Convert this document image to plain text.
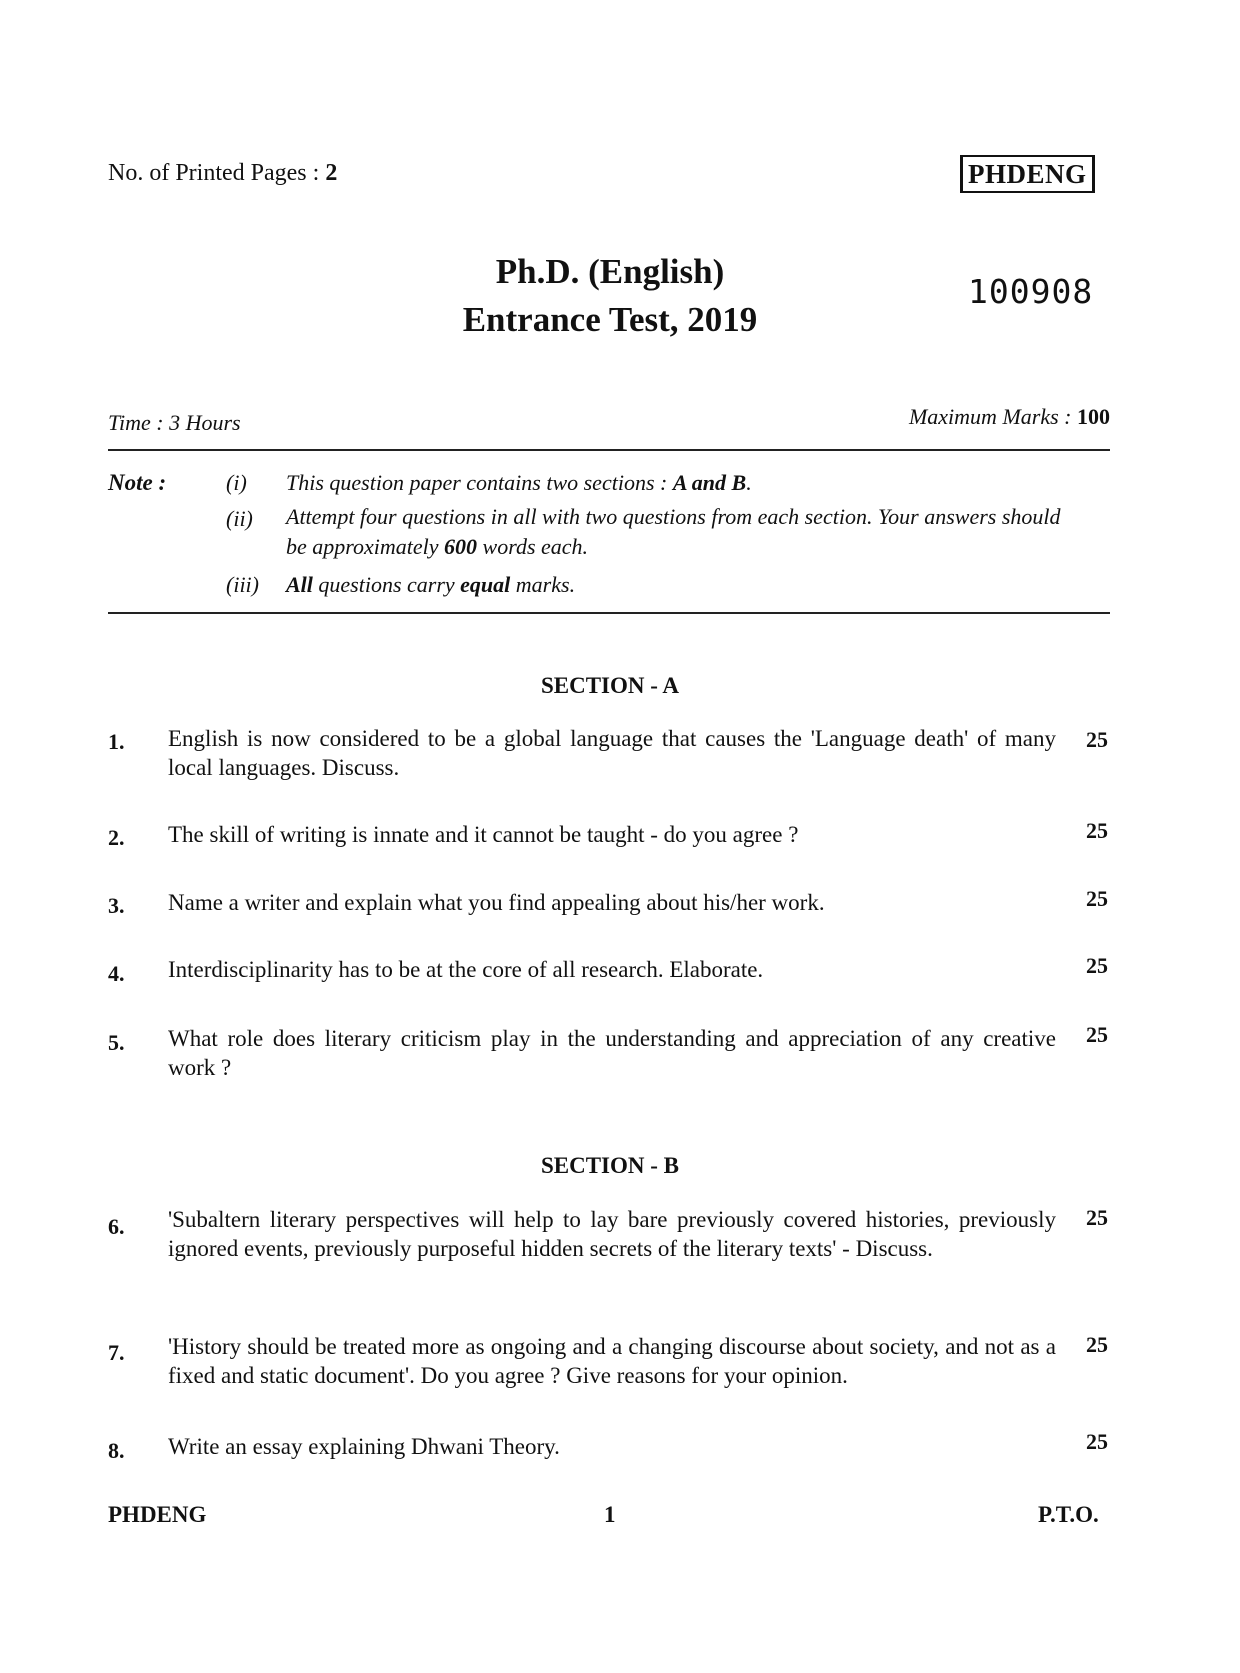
No. of Printed Pages : 2	PHDENG
Ph.D. (English)
Entrance Test, 2019
100908
Time : 3 Hours	Maximum Marks : 100
Note :	(i)	This question paper contains two sections : A and B.
(ii)	Attempt four questions in all with two questions from each section. Your answers should be approximately 600 words each.
(iii)	All questions carry equal marks.
SECTION - A
1. English is now considered to be a global language that causes the 'Language death' of many local languages. Discuss.
25
2. The skill of writing is innate and it cannot be taught - do you agree ?	25
3. Name a writer and explain what you find appealing about his/her work.	25
4. Interdisciplinarity has to be at the core of all research. Elaborate.	25
5. What role does literary criticism play in the understanding and appreciation of any creative work ?
25
SECTION - B
6. 'Subaltern literary perspectives will help to lay bare previously covered histories, previously ignored events, previously purposeful hidden secrets of the literary texts' - Discuss.
25
7. 'History should be treated more as ongoing and a changing discourse about society, and not as a fixed and static document'. Do you agree ? Give reasons for your opinion.
25
8. Write an essay explaining Dhwani Theory.	25
PHDENG	1	P.T.O.
